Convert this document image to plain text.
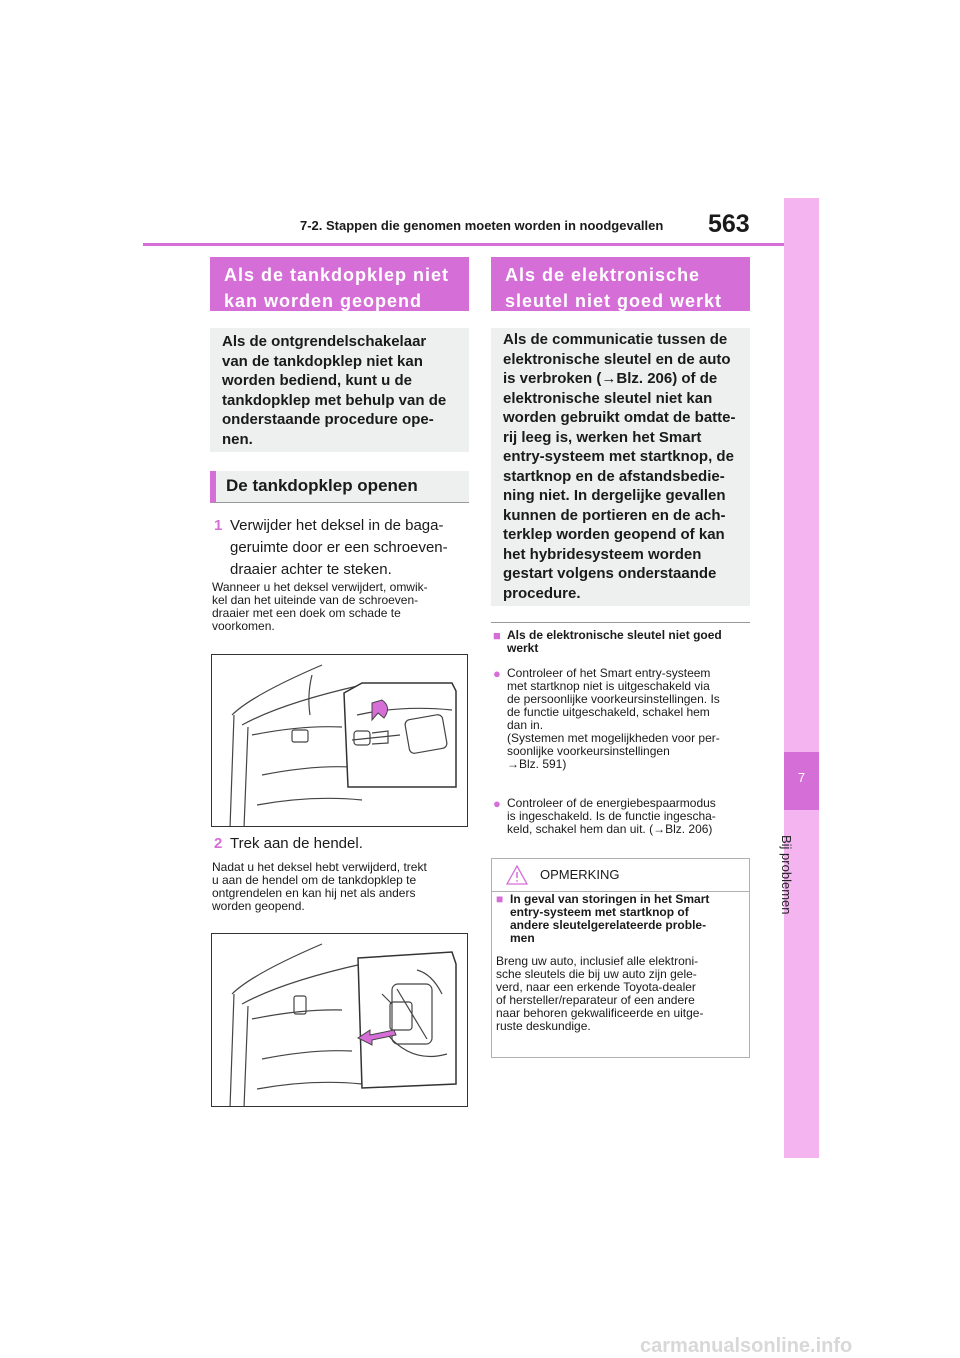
7
Bij problemen
7-2. Stappen die genomen moeten worden in noodgevallen 563
Als de tankdopklep niet
kan worden geopend
Als de ontgrendelschakelaar
van de tankdopklep niet kan
worden bediend, kunt u de
tankdopklep met behulp van de
onderstaande procedure ope-
nen.
De tankdopklep openen
1 Verwijder het deksel in de baga-
geruimte door er een schroeven-
draaier achter te steken.
Wanneer u het deksel verwijdert, omwik-
kel dan het uiteinde van de schroeven-
draaier met een doek om schade te
voorkomen.
2 Trek aan de hendel.
Nadat u het deksel hebt verwijderd, trekt
u aan de hendel om de tankdopklep te
ontgrendelen en kan hij net als anders
worden geopend.
Als de elektronische
sleutel niet goed werkt
Als de communicatie tussen de
elektronische sleutel en de auto
is verbroken (→Blz. 206) of de
elektronische sleutel niet kan
worden gebruikt omdat de batte-
rij leeg is, werken het Smart
entry-systeem met startknop, de
startknop en de afstandsbedie-
ning niet. In dergelijke gevallen
kunnen de portieren en de ach-
terklep worden geopend of kan
het hybridesysteem worden
gestart volgens onderstaande
procedure.
■ Als de elektronische sleutel niet goed
werkt
● Controleer of het Smart entry-systeem
met startknop niet is uitgeschakeld via
de persoonlijke voorkeursinstellingen. Is
de functie uitgeschakeld, schakel hem
dan in.
(Systemen met mogelijkheden voor per-
soonlijke voorkeursinstellingen
→Blz. 591)
● Controleer of de energiebespaarmodus
is ingeschakeld. Is de functie ingescha-
keld, schakel hem dan uit. (→Blz. 206)
OPMERKING
■ In geval van storingen in het Smart
entry-systeem met startknop of
andere sleutelgerelateerde proble-
men
Breng uw auto, inclusief alle elektroni-
sche sleutels die bij uw auto zijn gele-
verd, naar een erkende Toyota-dealer
of hersteller/reparateur of een andere
naar behoren gekwalificeerde en uitge-
ruste deskundige.
carmanualsonline.info
